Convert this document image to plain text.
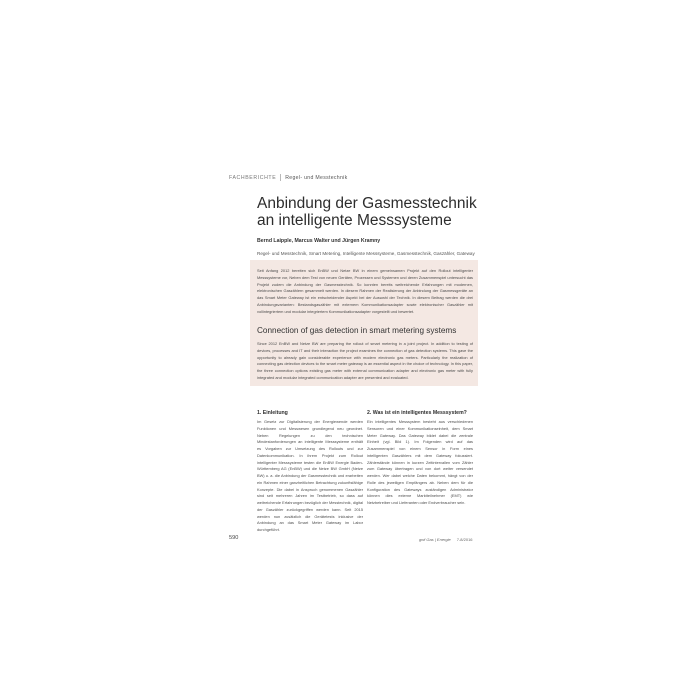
FACHBERICHTE Regel- und Messtechnik
Anbindung der Gasmesstechnik
an intelligente Messsysteme
Bernd Laipple, Marcus Walter und Jürgen Kramny
Regel- und Messtechnik, Smart Metering, Intelligente Messsysteme, Gasmesstechnik, Gaszähler, Gateway

Seit Anfang 2012 bereiten sich EnBW und Netze BW in einem gemeinsamen Projekt auf den Rollout intelligenter Messsysteme vor, Neben dem Test von neuen Geräten, Prozessen und Systemen und deren Zusammenspiel untersucht das Projekt zudem die Anbindung der Gasmesstechnik. So konnten bereits weitreichende Erfahrungen mit modernen, elektronischen Gaszählern gesammelt werden. In diesem Rahmen der Realisierung der Anbindung der Gasmessgeräte an das Smart Meter Gateway ist ein entscheidender Aspekt bei der Auswahl der Technik. In diesem Beitrag werden die drei Anbindungsvarianten: Bestandsgaszähler mit externem Kommunikationsadapter sowie elektronischer Gaszähler mit vollintegriertem und modular integriertem Kommunikationsadapter vorgestellt und bewertet.

Connection of gas detection in smart metering systems

Since 2012 EnBW and Netze BW are preparing the rollout of smart metering in a joint project. In addition to testing of devices, processes and IT and their interaction the project examines the connection of gas detection systems. This gave the opportunity to already gain considerable experience with modern electronic gas meters. Particularly the realization of connecting gas detection devices to the smart meter gateway is an essential aspect in the choice of technology. In this paper, the three connection options existing gas meter with external communication adapter and electronic gas meter with fully integrated and modular integrated communication adapter are presented and evaluated.

1. Einleitung

Im Gesetz zur Digitalisierung der Energiewende werden Funktionen und Messwesen grundlegend neu geordnet. Neben Regelungen zu den technischen Mindestanforderungen an intelligente Messsysteme enthält es Vorgaben zur Umsetzung des Rollouts und zur Datenkommunikation. In ihrem Projekt zum Rollout intelligenter Messsysteme testen die EnBW Energie Baden-Württemberg AG (EnBW) und die Netze BW GmbH (Netze BW) u. a. die Anbindung der Gasmesstechnik und erarbeiten ein Rahmen einer ganzheitlichen Betrachtung zukunftsfähige Konzepte. Die dabei in Anspruch genommenen Gaszähler sind seit mehreren Jahren im Testbetrieb, so dass auf weitreichende Erfahrungen bezüglich der Messtechnik, digital der Gaszähler zurückgegriffen werden kann. Seit 2015 werden nun zusätzlich die Gerätetests inklusive der Anbindung an das Smart Meter Gateway im Labor durchgeführt.

2. Was ist ein intelligentes Messsystem?

Ein intelligentes Messsystem besteht aus verschiedenen Sensoren und einer Kommunikationseinheit, dem Smart Meter Gateway. Das Gateway bildet dabei die zentrale Einheit (vgl. Bild 1). Im Folgenden wird auf das Zusammenspiel von einem Sensor in Form eines intelligenten Gaszählers mit dem Gateway fokussiert. Zählerstände können in kurzen Zeitintervallen vom Zähler zum Gateway übertragen und von dort weiter versendet werden. Wer dabei welche Daten bekommt, hängt von der Rolle des jeweiligen Empfängers ab. Neben dem für die Konfiguration des Gateways zuständigen Administrator können dies externe Marktteilnehmer (EMT) wie Netzbetreiber und Lieferanten oder Endverbraucher sein.

590	gwf Gas | Energie 7-8/2016
